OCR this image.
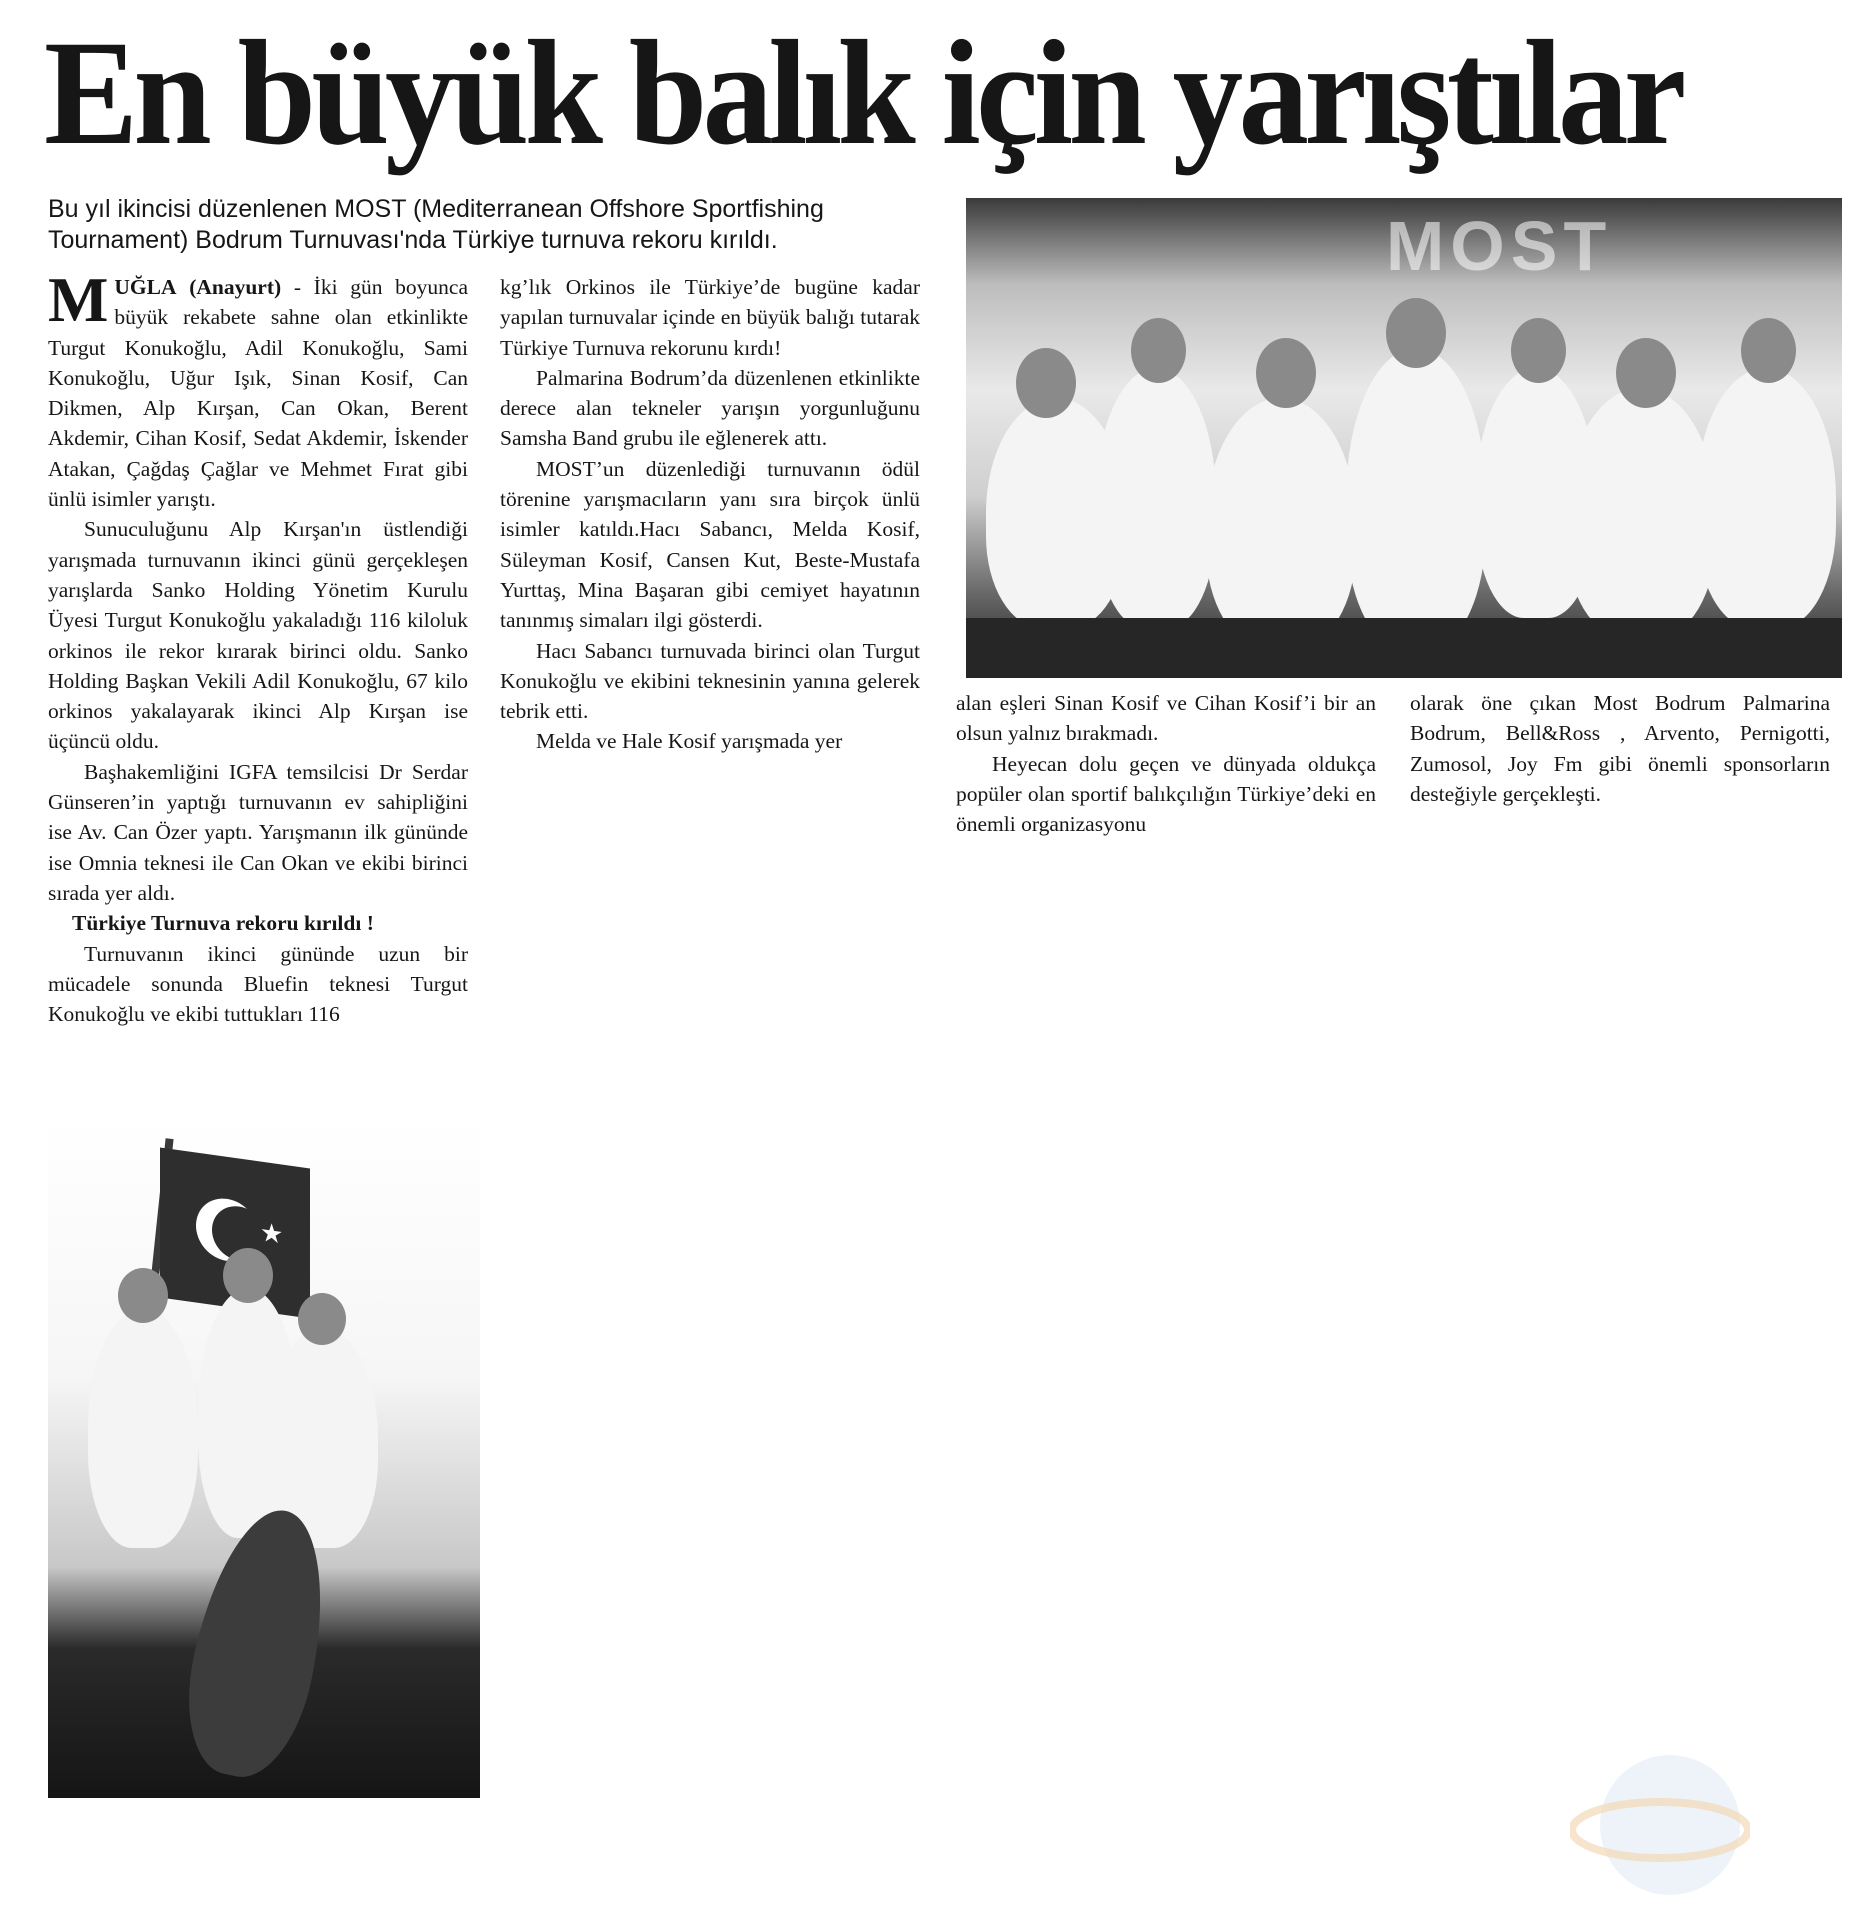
En büyük balık için yarıştılar

Bu yıl ikincisi düzenlenen MOST (Mediterranean Offshore Sportfishing Tournament) Bodrum Turnuvası'nda Türkiye turnuva rekoru kırıldı.

MUĞLA (Anayurt) - İki gün boyunca büyük rekabete sahne olan etkinlikte Turgut Konukoğlu, Adil Konukoğlu, Sami Konukoğlu, Uğur Işık, Sinan Kosif, Can Dikmen, Alp Kırşan, Can Okan, Berent Akdemir, Cihan Kosif, Sedat Akdemir, İskender Atakan, Çağdaş Çağlar ve Mehmet Fırat gibi ünlü isimler yarıştı.

Sunuculuğunu Alp Kırşan'ın üstlendiği yarışmada turnuvanın ikinci günü gerçekleşen yarışlarda Sanko Holding Yönetim Kurulu Üyesi Turgut Konukoğlu yakaladığı 116 kiloluk orkinos ile rekor kırarak birinci oldu. Sanko Holding Başkan Vekili Adil Konukoğlu, 67 kilo orkinos yakalayarak ikinci Alp Kırşan ise üçüncü oldu.

Başhakemliğini IGFA temsilcisi Dr Serdar Günseren’in yaptığı turnuvanın ev sahipliğini ise Av. Can Özer yaptı. Yarışmanın ilk gününde ise Omnia teknesi ile Can Okan ve ekibi birinci sırada yer aldı.

Türkiye Turnuva rekoru kırıldı !

Turnuvanın ikinci gününde uzun bir mücadele sonunda Bluefin teknesi Turgut Konukoğlu ve ekibi tuttukları 116

kg’lık Orkinos ile Türkiye’de bugüne kadar yapılan turnuvalar içinde en büyük balığı tutarak Türkiye Turnuva rekorunu kırdı!

Palmarina Bodrum’da düzenlenen etkinlikte derece alan tekneler yarışın yorgunluğunu Samsha Band grubu ile eğlenerek attı.

MOST’un düzenlediği turnuvanın ödül törenine yarışmacıların yanı sıra birçok ünlü isimler katıldı.Hacı Sabancı, Melda Kosif, Süleyman Kosif, Cansen Kut, Beste-Mustafa Yurttaş, Mina Başaran gibi cemiyet hayatının tanınmış simaları ilgi gösterdi.

Hacı Sabancı turnuvada birinci olan Turgut Konukoğlu ve ekibini teknesinin yanına gelerek tebrik etti.

Melda ve Hale Kosif yarışmada yer

alan eşleri Sinan Kosif ve Cihan Kosif’i bir an olsun yalnız bırakmadı.

Heyecan dolu geçen ve dünyada oldukça popüler olan sportif balıkçılığın Türkiye’deki en önemli organizasyonu

olarak öne çıkan Most Bodrum Palmarina Bodrum, Bell&Ross , Arvento, Pernigotti, Zumosol, Joy Fm gibi önemli sponsorların desteğiyle gerçekleşti.

MOST
★
